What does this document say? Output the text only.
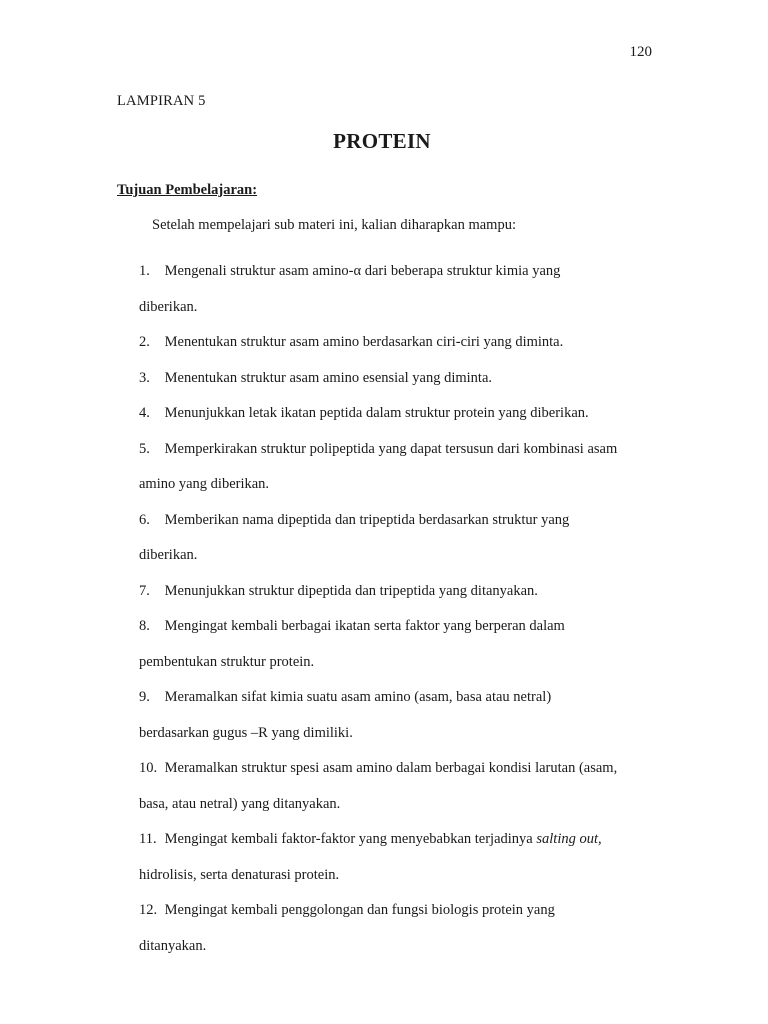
120
LAMPIRAN 5
PROTEIN
Tujuan Pembelajaran:
Setelah mempelajari sub materi ini, kalian diharapkan mampu:
1. Mengenali struktur asam amino-α dari beberapa struktur kimia yang
diberikan.
2. Menentukan struktur asam amino berdasarkan ciri-ciri yang diminta.
3. Menentukan struktur asam amino esensial yang diminta.
4. Menunjukkan letak ikatan peptida dalam struktur protein yang diberikan.
5. Memperkirakan struktur polipeptida yang dapat tersusun dari kombinasi asam
amino yang diberikan.
6. Memberikan nama dipeptida dan tripeptida berdasarkan struktur yang
diberikan.
7. Menunjukkan struktur dipeptida dan tripeptida yang ditanyakan.
8. Mengingat kembali berbagai ikatan serta faktor yang berperan dalam
pembentukan struktur protein.
9. Meramalkan sifat kimia suatu asam amino (asam, basa atau netral)
berdasarkan gugus –R yang dimiliki.
10. Meramalkan struktur spesi asam amino dalam berbagai kondisi larutan (asam,
basa, atau netral) yang ditanyakan.
11. Mengingat kembali faktor-faktor yang menyebabkan terjadinya salting out,
hidrolisis, serta denaturasi protein.
12. Mengingat kembali penggolongan dan fungsi biologis protein yang
ditanyakan.
